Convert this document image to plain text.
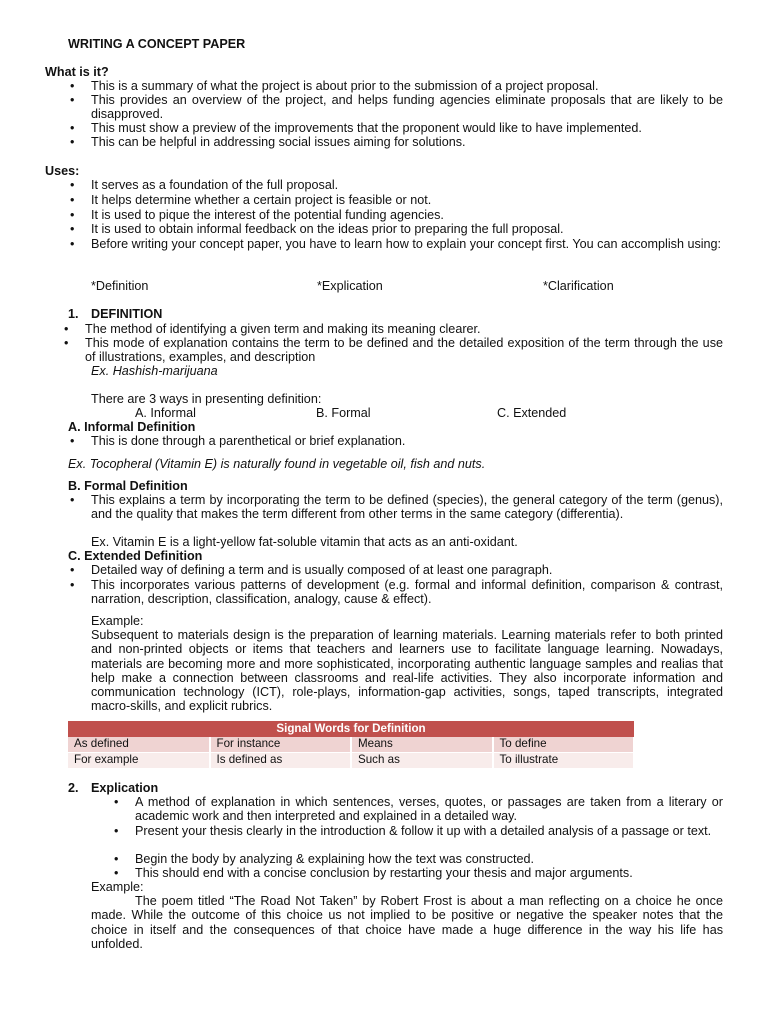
WRITING A CONCEPT PAPER
What is it?
• This is a summary of what the project is about prior to the submission of a project proposal.
• This provides an overview of the project, and helps funding agencies eliminate proposals that are likely to be disapproved.
• This must show a preview of the improvements that the proponent would like to have implemented.
• This can be helpful in addressing social issues aiming for solutions.
Uses:
• It serves as a foundation of the full proposal.
• It helps determine whether a certain project is feasible or not.
• It is used to pique the interest of the potential funding agencies.
• It is used to obtain informal feedback on the ideas prior to preparing the full proposal.
• Before writing your concept paper, you have to learn how to explain your concept first. You can accomplish using:
*Definition	*Explication	*Clarification
1. DEFINITION
• The method of identifying a given term and making its meaning clearer.
• This mode of explanation contains the term to be defined and the detailed exposition of the term through the use of illustrations, examples, and description
Ex. Hashish-marijuana
There are 3 ways in presenting definition:
A. Informal	B. Formal	C. Extended
A. Informal Definition
• This is done through a parenthetical or brief explanation.
Ex. Tocopheral (Vitamin E) is naturally found in vegetable oil, fish and nuts.
B. Formal Definition
• This explains a term by incorporating the term to be defined (species), the general category of the term (genus), and the quality that makes the term different from other terms in the same category (differentia).
Ex. Vitamin E is a light-yellow fat-soluble vitamin that acts as an anti-oxidant.
C. Extended Definition
• Detailed way of defining a term and is usually composed of at least one paragraph.
• This incorporates various patterns of development (e.g. formal and informal definition, comparison & contrast, narration, description, classification, analogy, cause & effect).
Example:
Subsequent to materials design is the preparation of learning materials. Learning materials refer to both printed and non-printed objects or items that teachers and learners use to facilitate language learning. Nowadays, materials are becoming more and more sophisticated, incorporating authentic language samples and realias that help make a connection between classrooms and real-life activities. They also incorporate information and communication technology (ICT), role-plays, information-gap activities, songs, taped transcripts, integrated macro-skills, and explicit rubrics.
Signal Words for Definition			
As defined	For instance	Means	To define
For example	Is defined as	Such as	To illustrate
2. Explication
• A method of explanation in which sentences, verses, quotes, or passages are taken from a literary or academic work and then interpreted and explained in a detailed way.
• Present your thesis clearly in the introduction & follow it up with a detailed analysis of a passage or text.
• Begin the body by analyzing & explaining how the text was constructed.
• This should end with a concise conclusion by restarting your thesis and major arguments.
Example:
The poem titled “The Road Not Taken” by Robert Frost is about a man reflecting on a choice he once made. While the outcome of this choice us not implied to be positive or negative the speaker notes that the choice in itself and the consequences of that choice have made a huge difference in the way his life has unfolded.
